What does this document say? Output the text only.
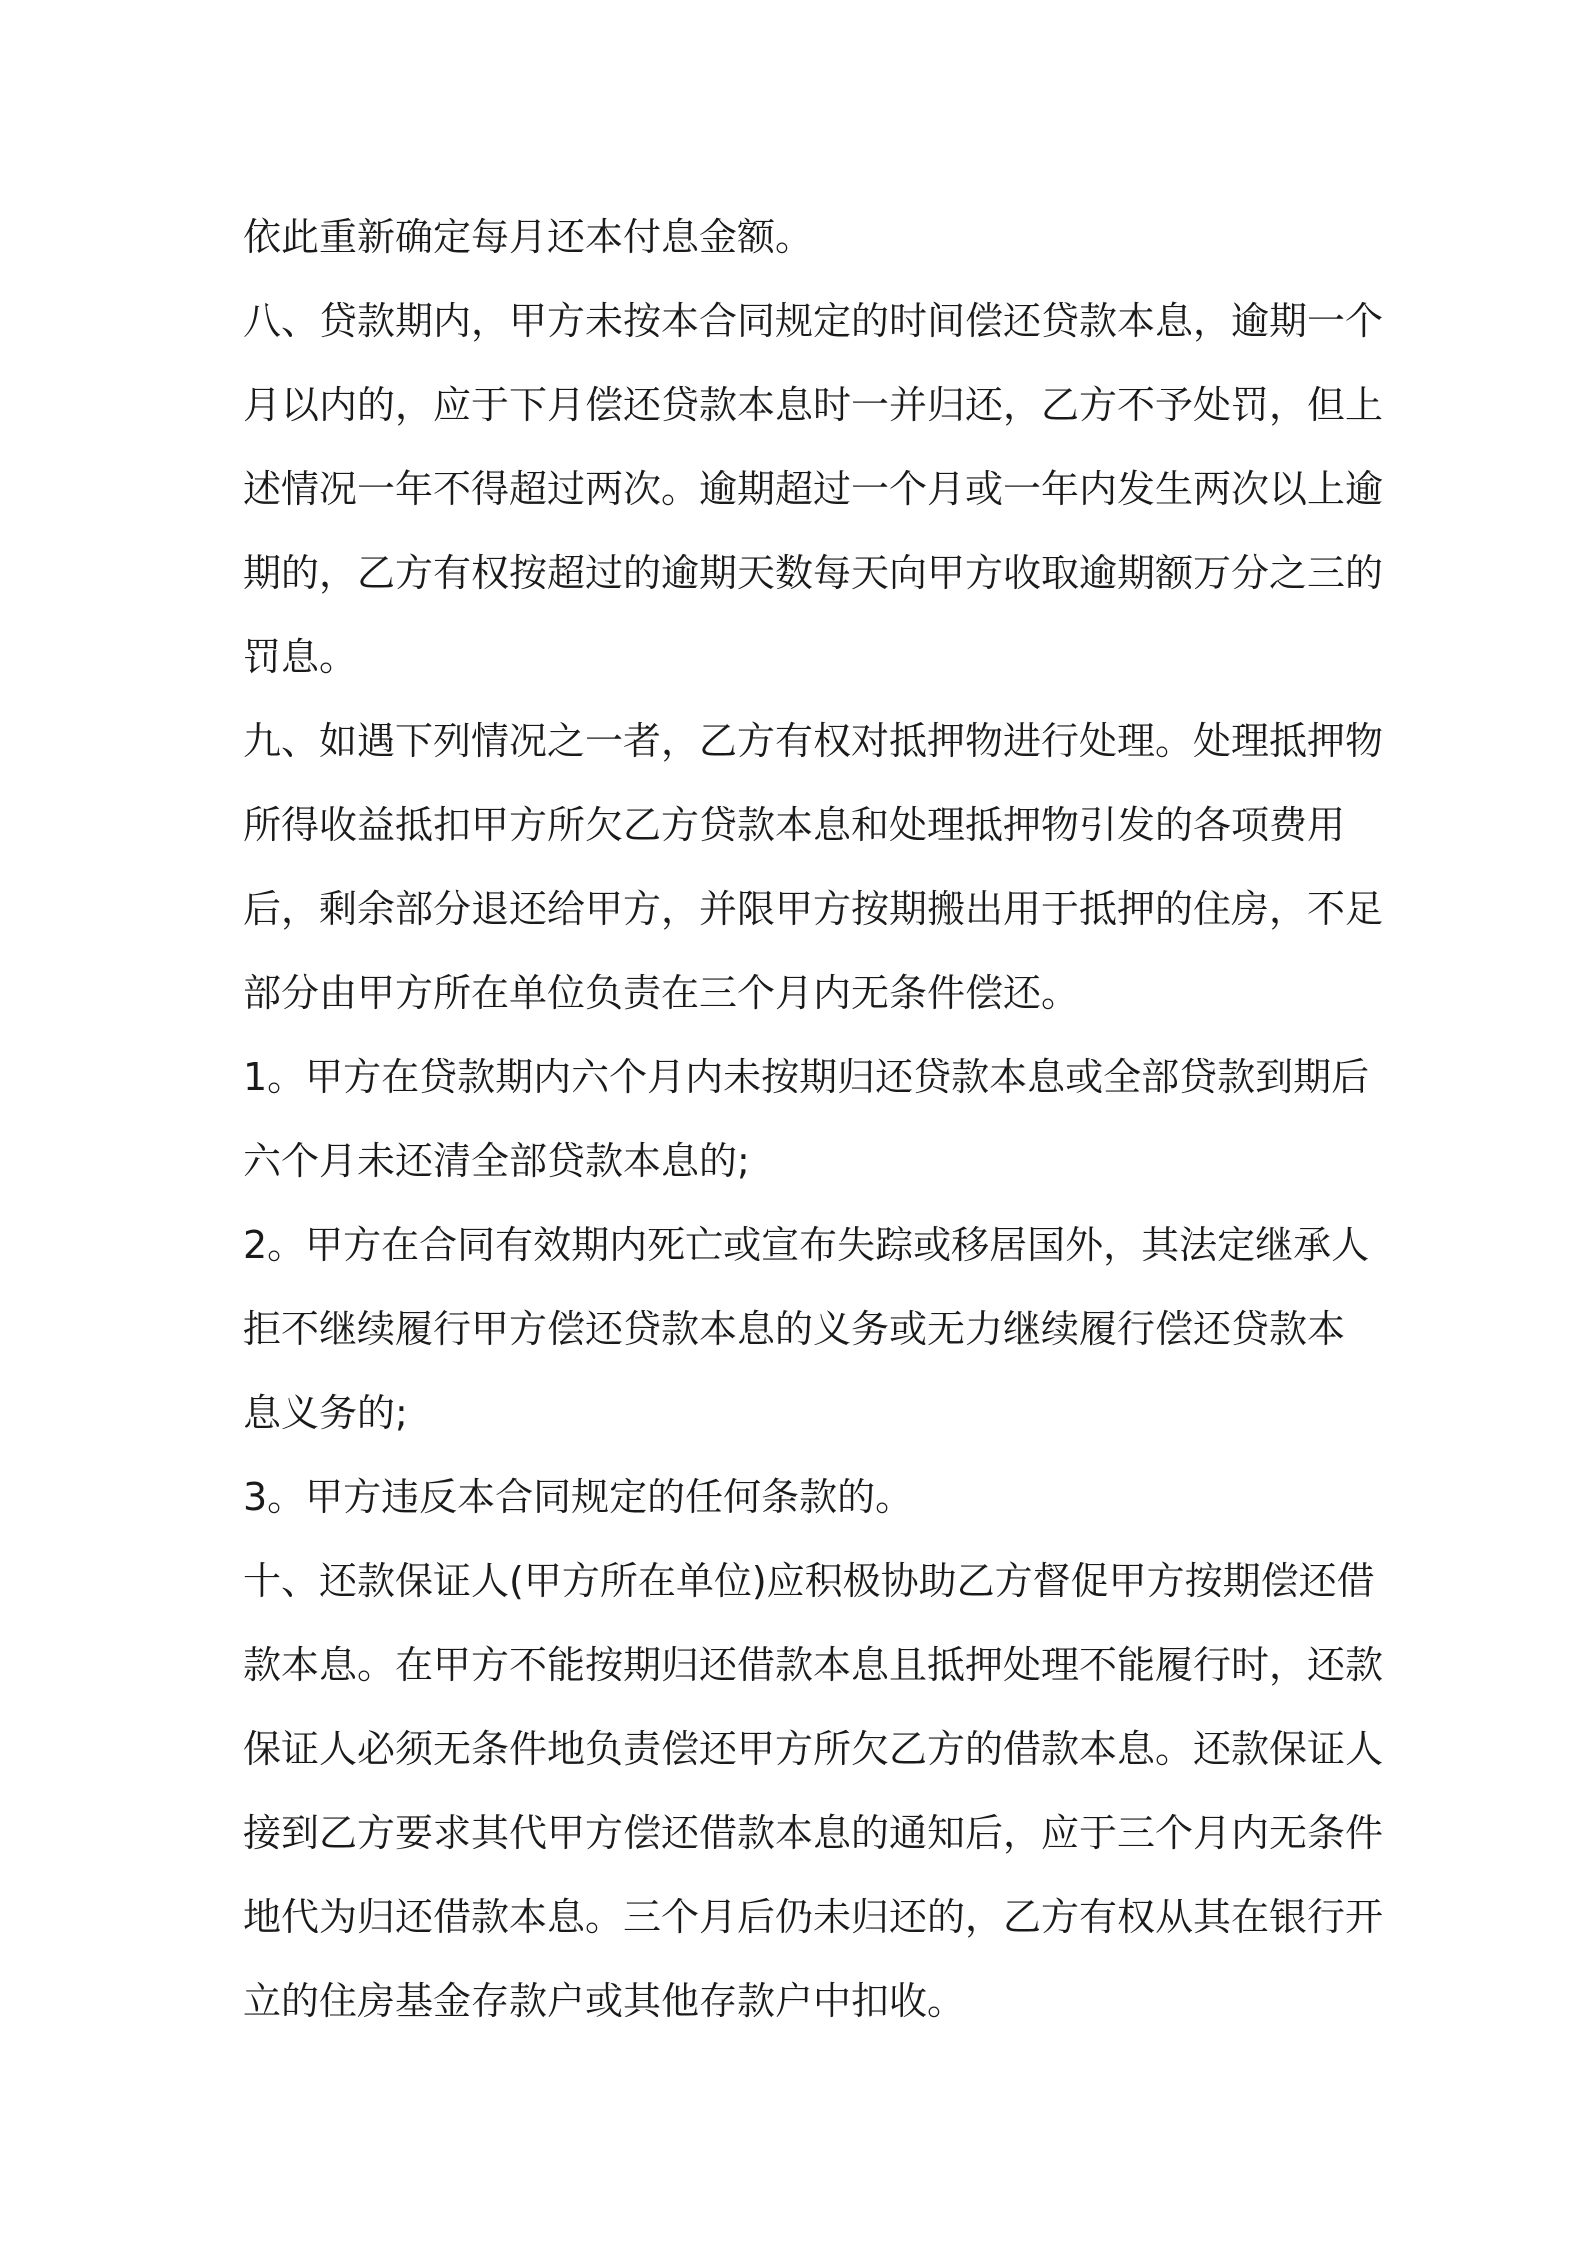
依此重新确定每月还本付息金额。
八、贷款期内，甲方未按本合同规定的时间偿还贷款本息，逾期一个
月以内的，应于下月偿还贷款本息时一并归还，乙方不予处罚，但上
述情况一年不得超过两次。逾期超过一个月或一年内发生两次以上逾
期的，乙方有权按超过的逾期天数每天向甲方收取逾期额万分之三的
罚息。
九、如遇下列情况之一者，乙方有权对抵押物进行处理。处理抵押物
所得收益抵扣甲方所欠乙方贷款本息和处理抵押物引发的各项费用
后，剩余部分退还给甲方，并限甲方按期搬出用于抵押的住房，不足
部分由甲方所在单位负责在三个月内无条件偿还。
1。甲方在贷款期内六个月内未按期归还贷款本息或全部贷款到期后
六个月未还清全部贷款本息的;
2。甲方在合同有效期内死亡或宣布失踪或移居国外，其法定继承人
拒不继续履行甲方偿还贷款本息的义务或无力继续履行偿还贷款本
息义务的;
3。甲方违反本合同规定的任何条款的。
十、还款保证人(甲方所在单位)应积极协助乙方督促甲方按期偿还借
款本息。在甲方不能按期归还借款本息且抵押处理不能履行时，还款
保证人必须无条件地负责偿还甲方所欠乙方的借款本息。还款保证人
接到乙方要求其代甲方偿还借款本息的通知后，应于三个月内无条件
地代为归还借款本息。三个月后仍未归还的，乙方有权从其在银行开
立的住房基金存款户或其他存款户中扣收。
